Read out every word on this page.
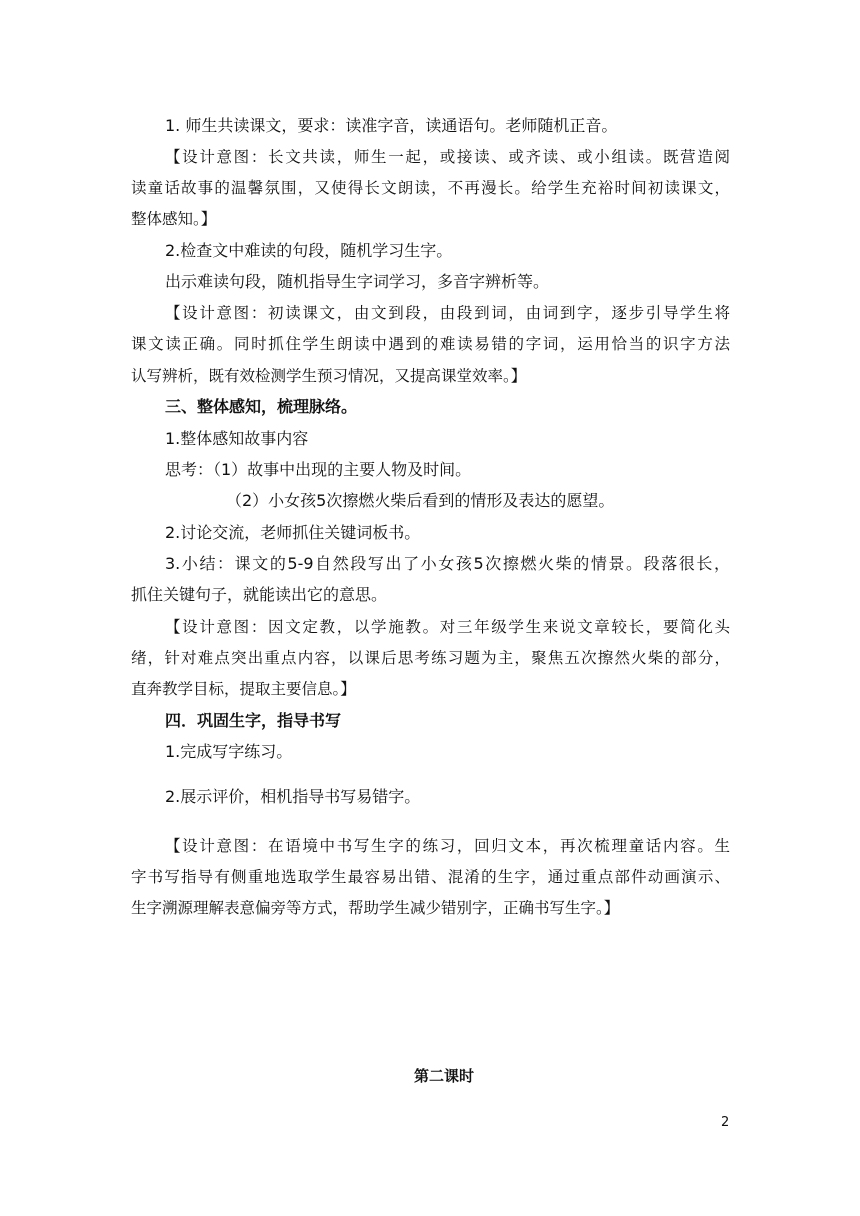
1. 师生共读课文，要求：读准字音，读通语句。老师随机正音。
【设计意图：长文共读，师生一起，或接读、或齐读、或小组读。既营造阅
读童话故事的温馨氛围，又使得长文朗读，不再漫长。给学生充裕时间初读课文，
整体感知。】
2.检查文中难读的句段，随机学习生字。
出示难读句段，随机指导生字词学习，多音字辨析等。
【设计意图：初读课文，由文到段，由段到词，由词到字，逐步引导学生将
课文读正确。同时抓住学生朗读中遇到的难读易错的字词，运用恰当的识字方法
认写辨析，既有效检测学生预习情况，又提高课堂效率。】
三、整体感知，梳理脉络。
1.整体感知故事内容
思考：（1）故事中出现的主要人物及时间。
（2）小女孩5次擦燃火柴后看到的情形及表达的愿望。
2.讨论交流，老师抓住关键词板书。
3.小结：课文的5-9自然段写出了小女孩5次擦燃火柴的情景。段落很长，
抓住关键句子，就能读出它的意思。
【设计意图：因文定教，以学施教。对三年级学生来说文章较长，要简化头
绪，针对难点突出重点内容，以课后思考练习题为主，聚焦五次擦然火柴的部分，
直奔教学目标，提取主要信息。】
四．巩固生字，指导书写
1.完成写字练习。
2.展示评价，相机指导书写易错字。
【设计意图：在语境中书写生字的练习，回归文本，再次梳理童话内容。生
字书写指导有侧重地选取学生最容易出错、混淆的生字，通过重点部件动画演示、
生字溯源理解表意偏旁等方式，帮助学生减少错别字，正确书写生字。】
第二课时
2
